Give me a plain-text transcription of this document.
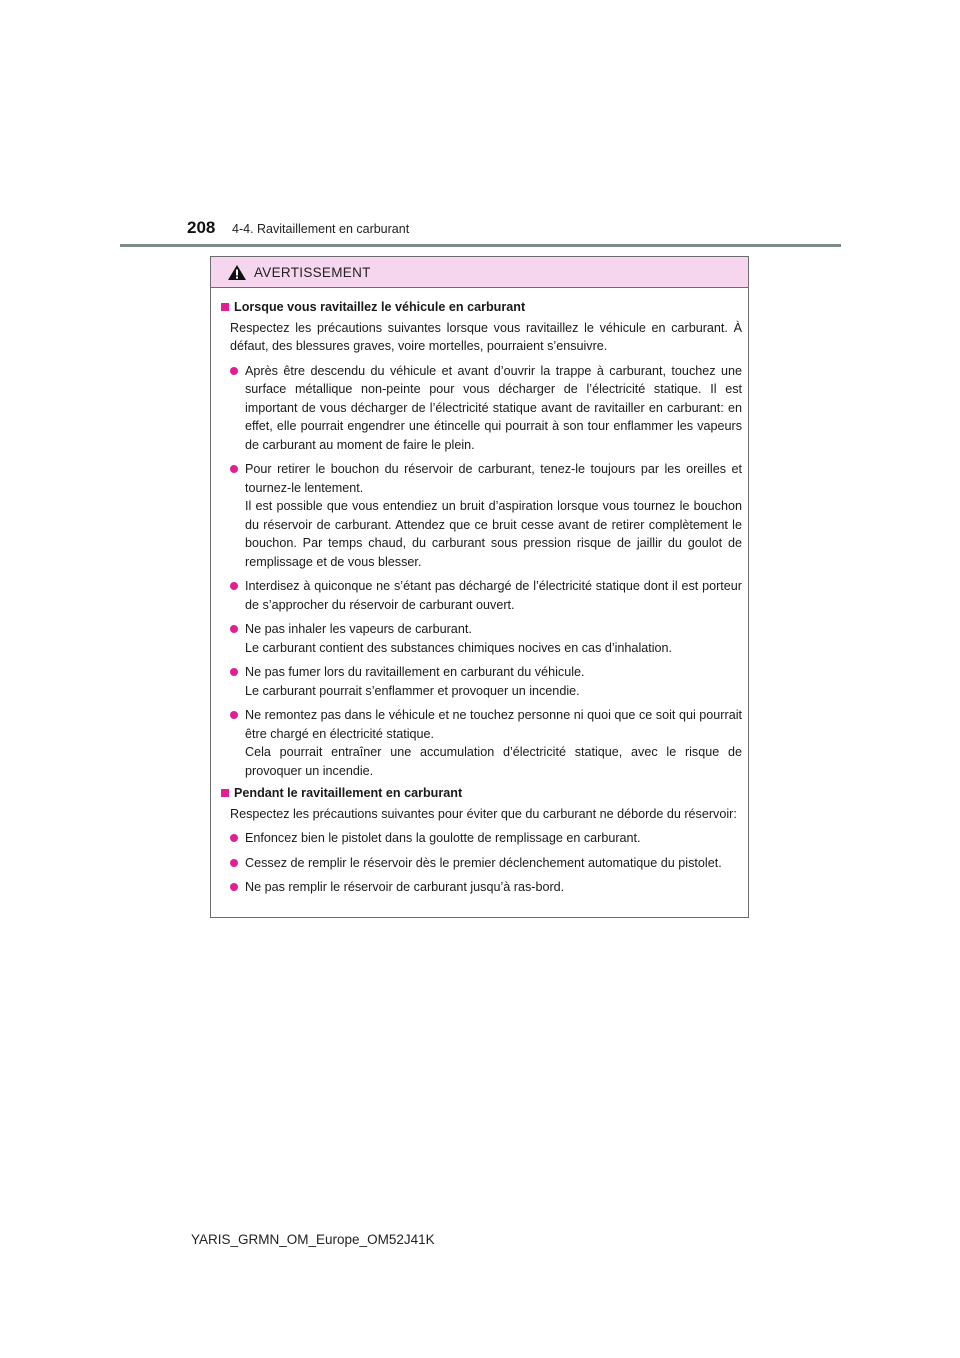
208 4-4. Ravitaillement en carburant
AVERTISSEMENT
Lorsque vous ravitaillez le véhicule en carburant
Respectez les précautions suivantes lorsque vous ravitaillez le véhicule en carburant. À défaut, des blessures graves, voire mortelles, pourraient s’ensuivre.
Après être descendu du véhicule et avant d’ouvrir la trappe à carburant, touchez une surface métallique non-peinte pour vous décharger de l’électricité statique. Il est important de vous décharger de l’électricité statique avant de ravitailler en carburant: en effet, elle pourrait engendrer une étincelle qui pourrait à son tour enflammer les vapeurs de carburant au moment de faire le plein.
Pour retirer le bouchon du réservoir de carburant, tenez-le toujours par les oreilles et tournez-le lentement.
Il est possible que vous entendiez un bruit d’aspiration lorsque vous tournez le bouchon du réservoir de carburant. Attendez que ce bruit cesse avant de retirer complètement le bouchon. Par temps chaud, du carburant sous pression risque de jaillir du goulot de remplissage et de vous blesser.
Interdisez à quiconque ne s’étant pas déchargé de l’électricité statique dont il est porteur de s’approcher du réservoir de carburant ouvert.
Ne pas inhaler les vapeurs de carburant.
Le carburant contient des substances chimiques nocives en cas d’inhalation.
Ne pas fumer lors du ravitaillement en carburant du véhicule.
Le carburant pourrait s’enflammer et provoquer un incendie.
Ne remontez pas dans le véhicule et ne touchez personne ni quoi que ce soit qui pourrait être chargé en électricité statique.
Cela pourrait entraîner une accumulation d’électricité statique, avec le risque de provoquer un incendie.
Pendant le ravitaillement en carburant
Respectez les précautions suivantes pour éviter que du carburant ne déborde du réservoir:
Enfoncez bien le pistolet dans la goulotte de remplissage en carburant.
Cessez de remplir le réservoir dès le premier déclenchement automatique du pistolet.
Ne pas remplir le réservoir de carburant jusqu’à ras-bord.
YARIS_GRMN_OM_Europe_OM52J41K
